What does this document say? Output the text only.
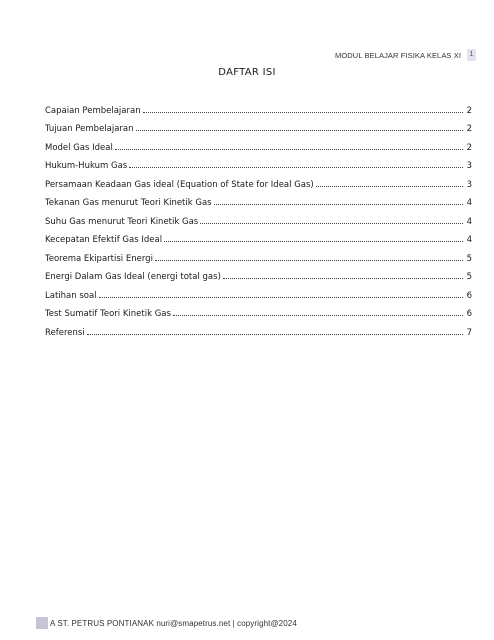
MODUL BELAJAR FISIKA KELAS XI	1
DAFTAR ISI
Capaian Pembelajaran	2
Tujuan Pembelajaran	2
Model Gas Ideal	2
Hukum-Hukum Gas	3
Persamaan Keadaan Gas ideal (Equation of State for Ideal Gas)	3
Tekanan Gas menurut Teori Kinetik Gas	4
Suhu Gas menurut Teori Kinetik Gas	4
Kecepatan Efektif Gas Ideal	4
Teorema Ekipartisi Energi	5
Energi Dalam Gas Ideal (energi total gas)	5
Latihan soal	6
Test Sumatif Teori Kinetik Gas	6
Referensi	7
A ST. PETRUS PONTIANAK nuri@smapetrus.net | copyright@2024
